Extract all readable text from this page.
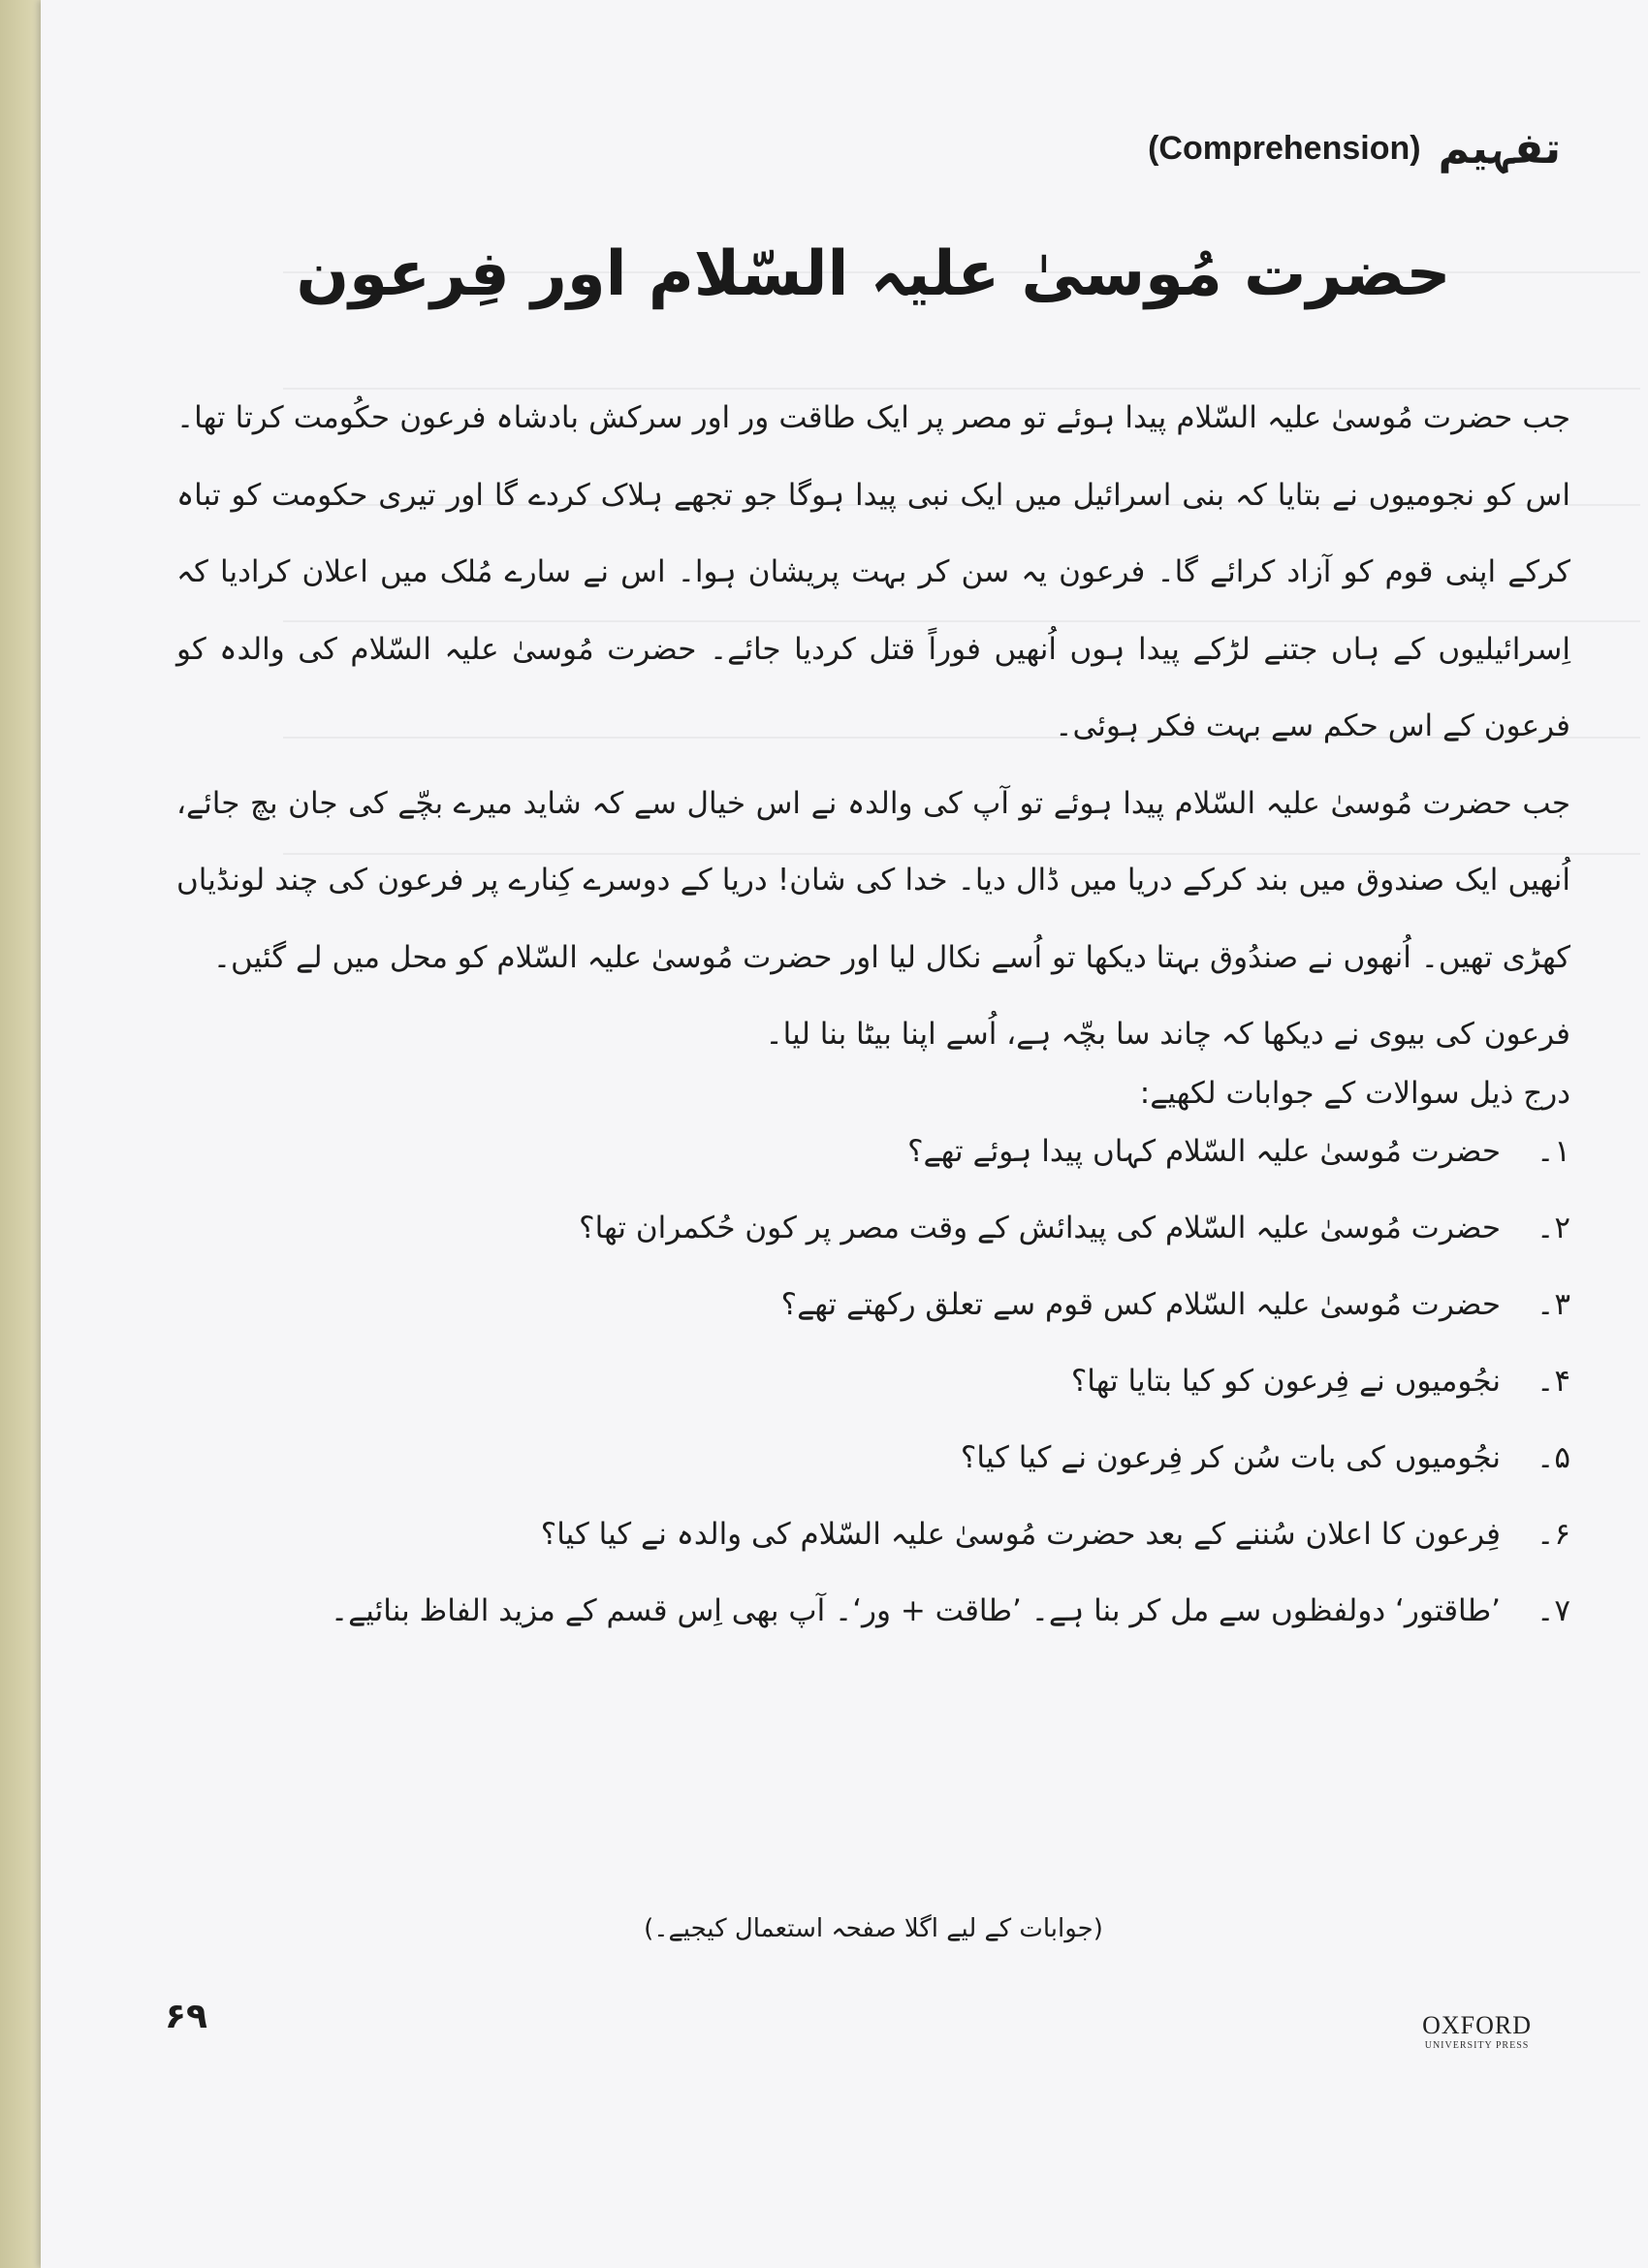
(Comprehension) تفہیم
حضرت مُوسیٰ علیہ السّلام اور فِرعون

جب حضرت مُوسیٰ علیہ السّلام پیدا ہوئے تو مصر پر ایک طاقت ور اور سرکش بادشاہ فرعون حکُومت کرتا تھا۔ اس کو نجومیوں نے بتایا کہ بنی اسرائیل میں ایک نبی پیدا ہوگا جو تجھے ہلاک کردے گا اور تیری حکومت کو تباہ کرکے اپنی قوم کو آزاد کرائے گا۔ فرعون یہ سن کر بہت پریشان ہوا۔ اس نے سارے مُلک میں اعلان کرادیا کہ اِسرائیلیوں کے ہاں جتنے لڑکے پیدا ہوں اُنھیں فوراً قتل کردیا جائے۔ حضرت مُوسیٰ علیہ السّلام کی والدہ کو فرعون کے اس حکم سے بہت فکر ہوئی۔

جب حضرت مُوسیٰ علیہ السّلام پیدا ہوئے تو آپ کی والدہ نے اس خیال سے کہ شاید میرے بچّے کی جان بچ جائے، اُنھیں ایک صندوق میں بند کرکے دریا میں ڈال دیا۔ خدا کی شان! دریا کے دوسرے کِنارے پر فرعون کی چند لونڈیاں کھڑی تھیں۔ اُنھوں نے صندُوق بہتا دیکھا تو اُسے نکال لیا اور حضرت مُوسیٰ علیہ السّلام کو محل میں لے گئیں۔

فرعون کی بیوی نے دیکھا کہ چاند سا بچّہ ہے، اُسے اپنا بیٹا بنا لیا۔

درج ذیل سوالات کے جوابات لکھیے:
۱۔
حضرت مُوسیٰ علیہ السّلام کہاں پیدا ہوئے تھے؟
۲۔
حضرت مُوسیٰ علیہ السّلام کی پیدائش کے وقت مصر پر کون حُکمران تھا؟
۳۔
حضرت مُوسیٰ علیہ السّلام کس قوم سے تعلق رکھتے تھے؟
۴۔
نجُومیوں نے فِرعون کو کیا بتایا تھا؟
۵۔
نجُومیوں کی بات سُن کر فِرعون نے کیا کیا؟
۶۔
فِرعون کا اعلان سُننے کے بعد حضرت مُوسیٰ علیہ السّلام کی والدہ نے کیا کیا؟
۷۔
’طاقتور‘ دولفظوں سے مل کر بنا ہے۔ ’طاقت + ور‘۔ آپ بھی اِس قسم کے مزید الفاظ بنائیے۔
(جوابات کے لیے اگلا صفحہ استعمال کیجیے۔)
۶۹	OXFORD
UNIVERSITY PRESS
